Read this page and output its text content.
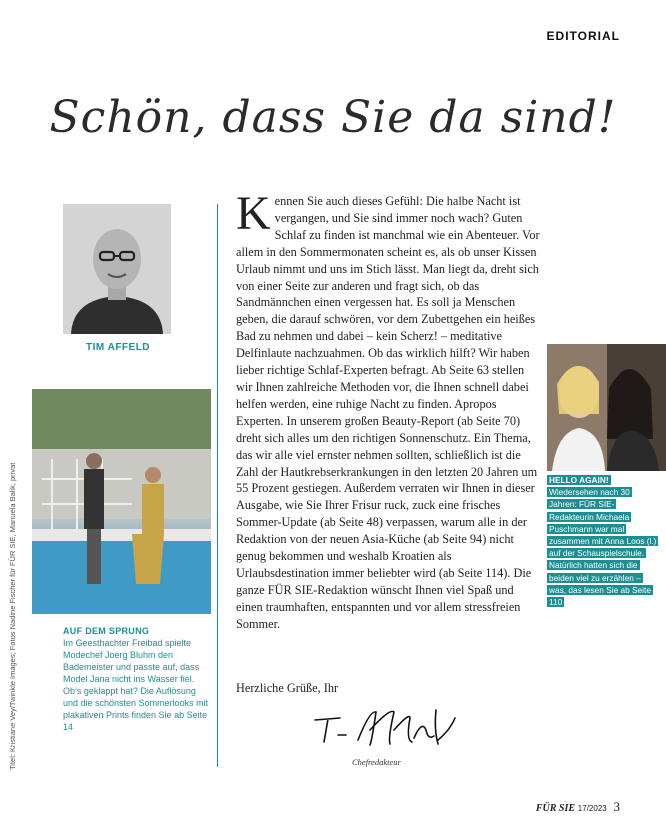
EDITORIAL
Schön, dass Sie da sind!
TIM AFFELD
AUF DEM SPRUNG
Im Geesthachter Freibad spielte Modechef Joerg Bluhm den Bademeister und passte auf, dass Model Jana nicht ins Wasser fiel. Ob’s geklappt hat? Die Auflösung und die schönsten Sommerlooks mit plakativen Prints finden Sie ab Seite 14
Titel: Kristiane Vey/Twinkle Images; Fotos Nadine Fischer für FÜR SIE, Manuela Balik, privat
K ennen Sie auch dieses Gefühl: Die halbe Nacht ist vergangen, und Sie sind immer noch wach? Guten Schlaf zu finden ist manchmal wie ein Abenteuer. Vor allem in den Sommermonaten scheint es, als ob unser Kissen Urlaub nimmt und uns im Stich lässt. Man liegt da, dreht sich von einer Seite zur anderen und fragt sich, ob das Sandmännchen einen vergessen hat. Es soll ja Menschen geben, die darauf schwören, vor dem Zubettgehen ein heißes Bad zu nehmen und dabei – kein Scherz! – meditative Delfinlaute nachzuahmen. Ob das wirklich hilft? Wir haben lieber richtige Schlaf-Experten befragt. Ab Seite 63 stellen wir Ihnen zahlreiche Methoden vor, die Ihnen schnell dabei helfen werden, eine ruhige Nacht zu finden. Apropos Experten. In unserem großen Beauty-Report (ab Seite 70) dreht sich alles um den richtigen Sonnenschutz. Ein Thema, das wir alle viel ernster nehmen sollten, schließlich ist die Zahl der Hautkrebserkrankungen in den letzten 20 Jahren um 55 Prozent gestiegen. Außerdem verraten wir Ihnen in dieser Ausgabe, wie Sie Ihrer Frisur ruck, zuck eine frisches Sommer-Update (ab Seite 48) verpassen, warum alle in der Redaktion von der neuen Asia-Küche (ab Seite 94) nicht genug bekommen und weshalb Kroatien als Urlaubsdestination immer beliebter wird (ab Seite 114). Die ganze FÜR SIE-Redaktion wünscht Ihnen viel Spaß und einen traumhaften, entspannten und vor allem stressfreien Sommer.

Herzliche Grüße, Ihr
Chefredakteur
HELLO AGAIN!
Wiedersehen nach 30 Jahren: FÜR SIE-Redakteurin Michaela Puschmann war mal zusammen mit Anna Loos (l.) auf der Schauspielschule. Natürlich hatten sich die beiden viel zu erzählen – was, das lesen Sie ab Seite 110
FÜR SIE 17/2023 3
